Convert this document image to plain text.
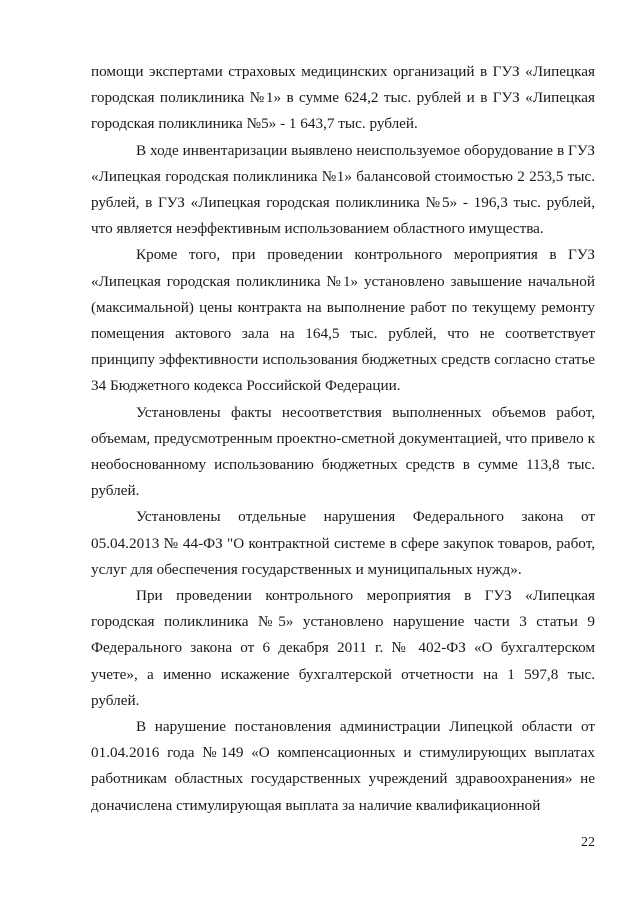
помощи экспертами страховых медицинских организаций в ГУЗ «Липецкая городская поликлиника №1» в сумме 624,2 тыс. рублей и в ГУЗ «Липецкая городская поликлиника №5» - 1 643,7 тыс. рублей.

В ходе инвентаризации выявлено неиспользуемое оборудование в ГУЗ «Липецкая городская поликлиника №1» балансовой стоимостью 2 253,5 тыс. рублей, в ГУЗ «Липецкая городская поликлиника №5» - 196,3 тыс. рублей, что является неэффективным использованием областного имущества.

Кроме того, при проведении контрольного мероприятия в ГУЗ «Липецкая городская поликлиника №1» установлено завышение начальной (максимальной) цены контракта на выполнение работ по текущему ремонту помещения актового зала на 164,5 тыс. рублей, что не соответствует принципу эффективности использования бюджетных средств согласно статье 34 Бюджетного кодекса Российской Федерации.

Установлены факты несоответствия выполненных объемов работ, объемам, предусмотренным проектно-сметной документацией, что привело к необоснованному использованию бюджетных средств в сумме 113,8 тыс. рублей.

Установлены отдельные нарушения Федерального закона от 05.04.2013 № 44-ФЗ "О контрактной системе в сфере закупок товаров, работ, услуг для обеспечения государственных и муниципальных нужд».

При проведении контрольного мероприятия в ГУЗ «Липецкая городская поликлиника №5» установлено нарушение части 3 статьи 9 Федерального закона от 6 декабря 2011 г. № 402-ФЗ «О бухгалтерском учете», а именно искажение бухгалтерской отчетности на 1 597,8 тыс. рублей.

В нарушение постановления администрации Липецкой области от 01.04.2016 года №149 «О компенсационных и стимулирующих выплатах работникам областных государственных учреждений здравоохранения» не доначислена стимулирующая выплата за наличие квалификационной

22
